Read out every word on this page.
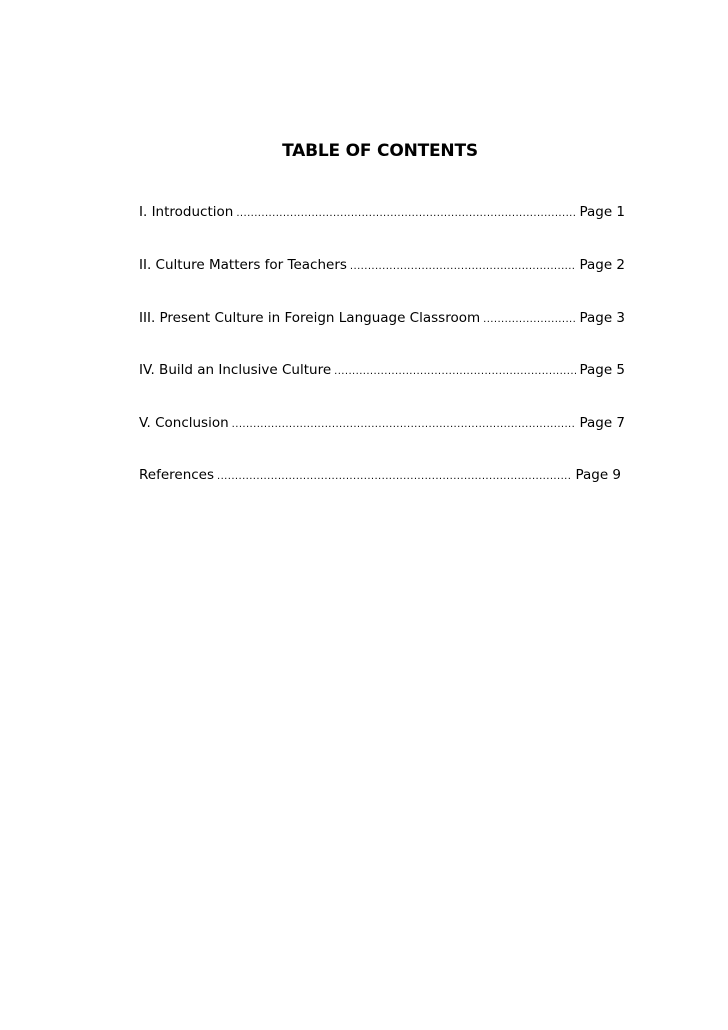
TABLE OF CONTENTS
I. Introduction .....	Page 1
II. Culture Matters for Teachers .....	Page 2
III. Present Culture in Foreign Language Classroom .....	Page 3
IV. Build an Inclusive Culture .....	Page 5
V. Conclusion .....	Page 7
References .....	Page 9
